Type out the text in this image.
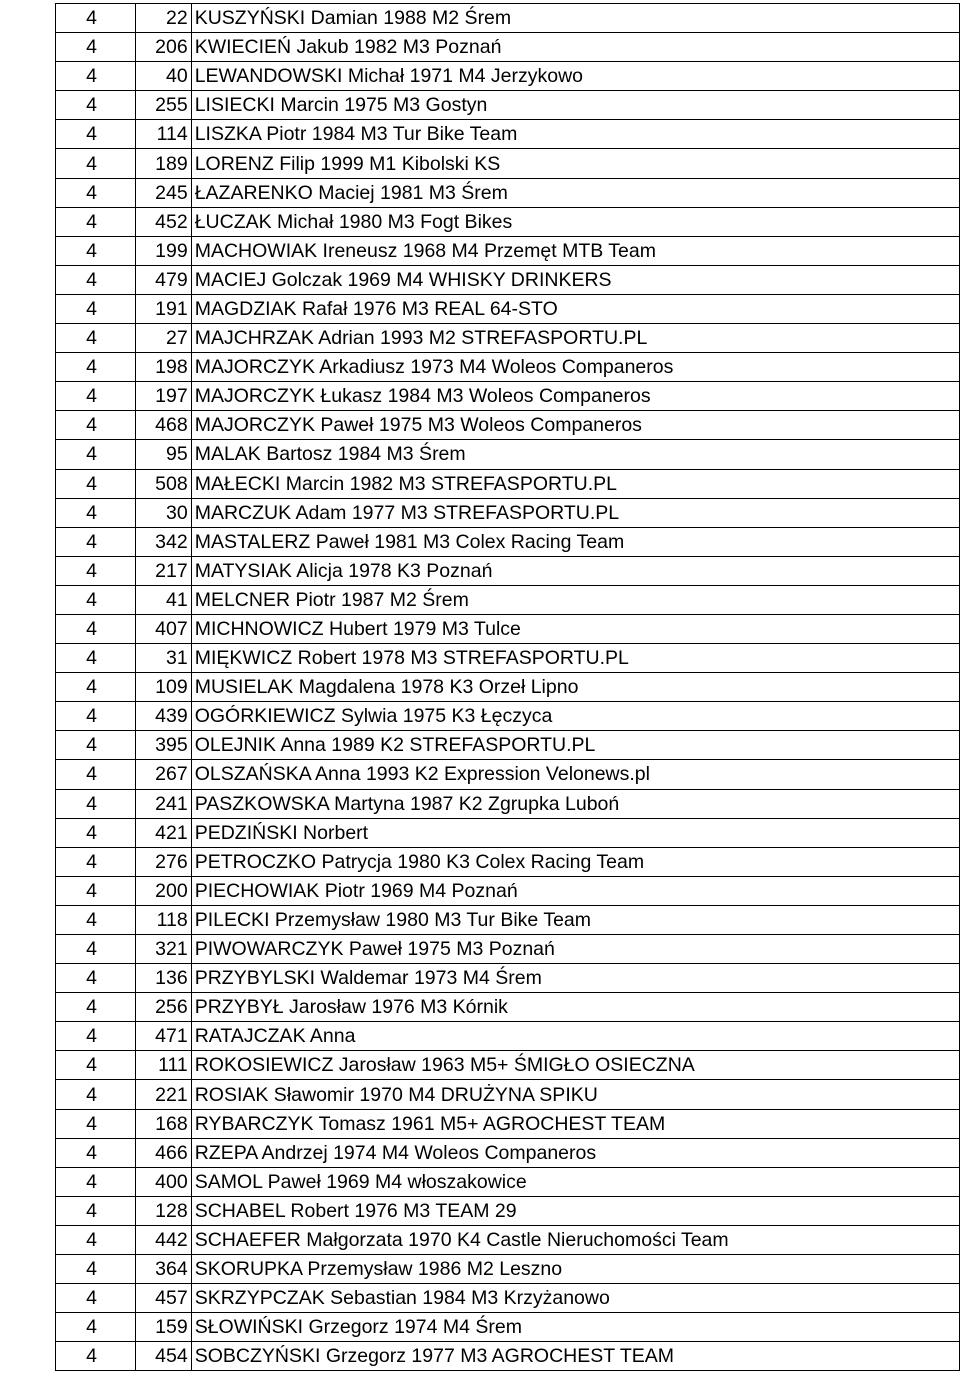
4	22	KUSZYŃSKI Damian 1988 M2 Śrem
4	206	KWIECIEŃ Jakub 1982 M3 Poznań
4	40	LEWANDOWSKI Michał 1971 M4 Jerzykowo
4	255	LISIECKI Marcin 1975 M3 Gostyn
4	114	LISZKA Piotr 1984 M3 Tur Bike Team
4	189	LORENZ Filip 1999 M1 Kibolski KS
4	245	ŁAZARENKO Maciej 1981 M3 Śrem
4	452	ŁUCZAK Michał 1980 M3 Fogt Bikes
4	199	MACHOWIAK Ireneusz 1968 M4 Przemęt MTB Team
4	479	MACIEJ Golczak 1969 M4 WHISKY DRINKERS
4	191	MAGDZIAK Rafał 1976 M3 REAL 64-STO
4	27	MAJCHRZAK Adrian 1993 M2 STREFASPORTU.PL
4	198	MAJORCZYK Arkadiusz 1973 M4 Woleos Companeros
4	197	MAJORCZYK Łukasz 1984 M3 Woleos Companeros
4	468	MAJORCZYK Paweł 1975 M3 Woleos Companeros
4	95	MALAK Bartosz 1984 M3 Śrem
4	508	MAŁECKI Marcin 1982 M3 STREFASPORTU.PL
4	30	MARCZUK Adam 1977 M3 STREFASPORTU.PL
4	342	MASTALERZ Paweł 1981 M3 Colex Racing Team
4	217	MATYSIAK Alicja 1978 K3 Poznań
4	41	MELCNER Piotr 1987 M2 Śrem
4	407	MICHNOWICZ Hubert 1979 M3 Tulce
4	31	MIĘKWICZ Robert 1978 M3 STREFASPORTU.PL
4	109	MUSIELAK Magdalena 1978 K3 Orzeł Lipno
4	439	OGÓRKIEWICZ Sylwia 1975 K3 Łęczyca
4	395	OLEJNIK Anna 1989 K2 STREFASPORTU.PL
4	267	OLSZAŃSKA Anna 1993 K2 Expression Velonews.pl
4	241	PASZKOWSKA Martyna 1987 K2 Zgrupka Luboń
4	421	PEDZIŃSKI Norbert
4	276	PETROCZKO Patrycja 1980 K3 Colex Racing Team
4	200	PIECHOWIAK Piotr 1969 M4 Poznań
4	118	PILECKI Przemysław 1980 M3 Tur Bike Team
4	321	PIWOWARCZYK Paweł 1975 M3 Poznań
4	136	PRZYBYLSKI Waldemar 1973 M4 Śrem
4	256	PRZYBYŁ Jarosław 1976 M3 Kórnik
4	471	RATAJCZAK Anna
4	111	ROKOSIEWICZ Jarosław 1963 M5+ ŚMIGŁO OSIECZNA
4	221	ROSIAK Sławomir 1970 M4 DRUŻYNA SPIKU
4	168	RYBARCZYK Tomasz 1961 M5+ AGROCHEST TEAM
4	466	RZEPA Andrzej 1974 M4 Woleos Companeros
4	400	SAMOL Paweł 1969 M4 włoszakowice
4	128	SCHABEL Robert 1976 M3 TEAM 29
4	442	SCHAEFER Małgorzata 1970 K4 Castle Nieruchomości Team
4	364	SKORUPKA Przemysław 1986 M2 Leszno
4	457	SKRZYPCZAK Sebastian 1984 M3 Krzyżanowo
4	159	SŁOWIŃSKI Grzegorz 1974 M4 Śrem
4	454	SOBCZYŃSKI Grzegorz 1977 M3 AGROCHEST TEAM
